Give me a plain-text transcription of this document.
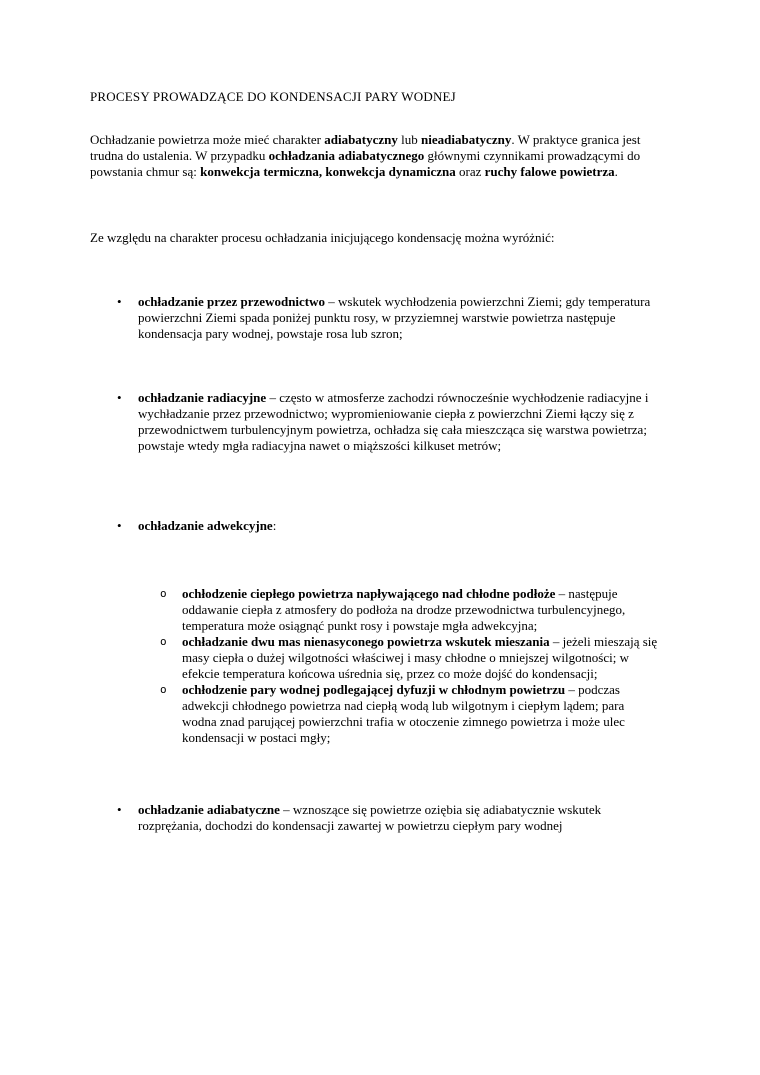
PROCESY PROWADZĄCE DO KONDENSACJI PARY WODNEJ

Ochładzanie powietrza może mieć charakter adiabatyczny lub nieadiabatyczny. W praktyce granica jest trudna do ustalenia. W przypadku ochładzania adiabatycznego głównymi czynnikami prowadzącymi do powstania chmur są: konwekcja termiczna, konwekcja dynamiczna oraz ruchy falowe powietrza.

Ze względu na charakter procesu ochładzania inicjującego kondensację można wyróżnić:

• ochładzanie przez przewodnictwo – wskutek wychłodzenia powierzchni Ziemi; gdy temperatura powierzchni Ziemi spada poniżej punktu rosy, w przyziemnej warstwie powietrza następuje kondensacja pary wodnej, powstaje rosa lub szron;
• ochładzanie radiacyjne – często w atmosferze zachodzi równocześnie wychłodzenie radiacyjne i wychładzanie przez przewodnictwo; wypromieniowanie ciepła z powierzchni Ziemi łączy się z przewodnictwem turbulencyjnym powietrza, ochładza się cała mieszcząca się warstwa powietrza; powstaje wtedy mgła radiacyjna nawet o miąższości kilkuset metrów;
• ochładzanie adwekcyjne:
o ochłodzenie ciepłego powietrza napływającego nad chłodne podłoże – następuje oddawanie ciepła z atmosfery do podłoża na drodze przewodnictwa turbulencyjnego, temperatura może osiągnąć punkt rosy i powstaje mgła adwekcyjna;
o ochładzanie dwu mas nienasyconego powietrza wskutek mieszania – jeżeli mieszają się masy ciepła o dużej wilgotności właściwej i masy chłodne o mniejszej wilgotności; w efekcie temperatura końcowa uśrednia się, przez co może dojść do kondensacji;
o ochłodzenie pary wodnej podlegającej dyfuzji w chłodnym powietrzu – podczas adwekcji chłodnego powietrza nad ciepłą wodą lub wilgotnym i ciepłym lądem; para wodna znad parującej powierzchni trafia w otoczenie zimnego powietrza i może ulec kondensacji w postaci mgły;
• ochładzanie adiabatyczne – wznoszące się powietrze oziębia się adiabatycznie wskutek rozprężania, dochodzi do kondensacji zawartej w powietrzu ciepłym pary wodnej
